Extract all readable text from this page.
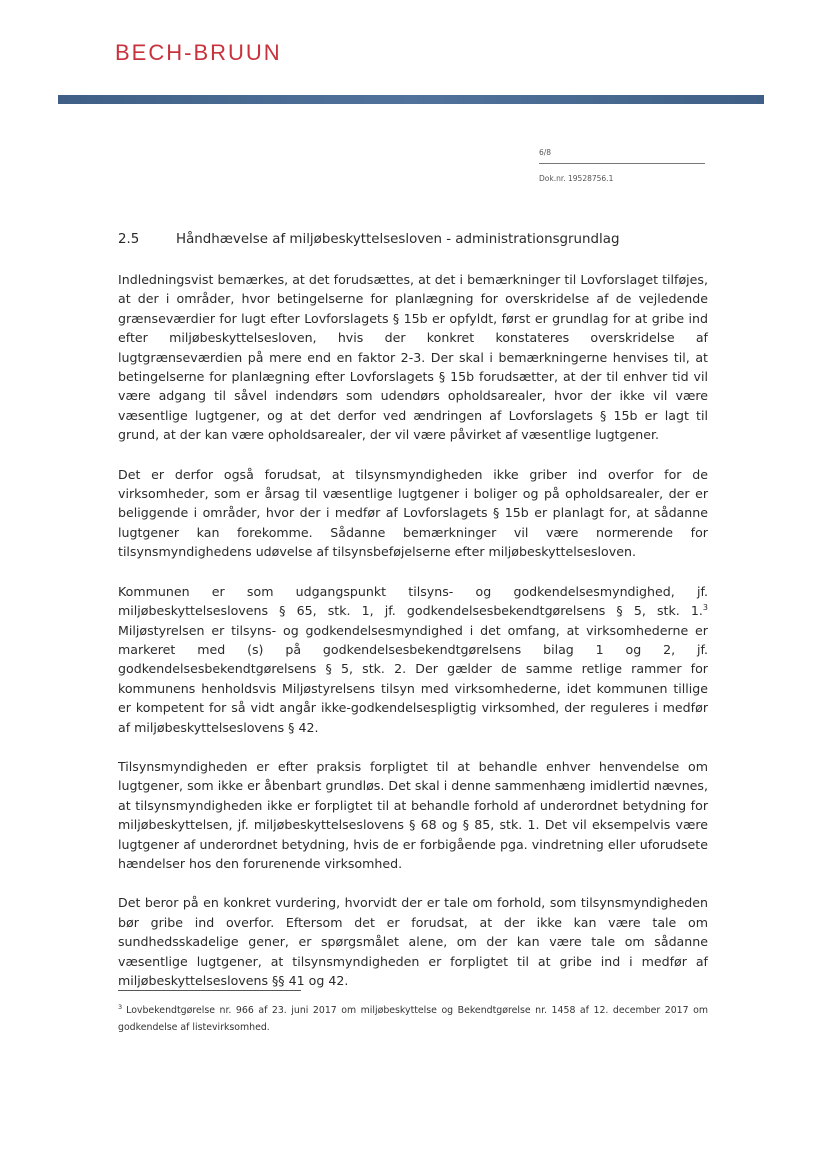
BECH-BRUUN
6/8
Dok.nr. 19528756.1
2.5	Håndhævelse af miljøbeskyttelsesloven - administrationsgrundlag

Indledningsvist bemærkes, at det forudsættes, at det i bemærkninger til Lovforslaget tilføjes, at der i områder, hvor betingelserne for planlægning for overskridelse af de vejledende grænseværdier for lugt efter Lovforslagets § 15b er opfyldt, først er grundlag for at gribe ind efter miljøbeskyttelsesloven, hvis der konkret konstateres overskridelse af lugtgrænseværdien på mere end en faktor 2-3. Der skal i bemærkningerne henvises til, at betingelserne for planlægning efter Lovforslagets § 15b forudsætter, at der til enhver tid vil være adgang til såvel indendørs som udendørs opholdsarealer, hvor der ikke vil være væsentlige lugtgener, og at det derfor ved ændringen af Lovforslagets § 15b er lagt til grund, at der kan være opholdsarealer, der vil være påvirket af væsentlige lugtgener.

Det er derfor også forudsat, at tilsynsmyndigheden ikke griber ind overfor for de virksomheder, som er årsag til væsentlige lugtgener i boliger og på opholdsarealer, der er beliggende i områder, hvor der i medfør af Lovforslagets § 15b er planlagt for, at sådanne lugtgener kan forekomme. Sådanne bemærkninger vil være normerende for tilsynsmyndighedens udøvelse af tilsynsbeføjelserne efter miljøbeskyttelsesloven.

Kommunen er som udgangspunkt tilsyns- og godkendelsesmyndighed, jf. miljøbeskyttelseslovens § 65, stk. 1, jf. godkendelsesbekendtgørelsens § 5, stk. 1.$^3$ Miljøstyrelsen er tilsyns- og godkendelsesmyndighed i det omfang, at virksomhederne er markeret med (s) på godkendelsesbekendtgørelsens bilag 1 og 2, jf. godkendelsesbekendtgørelsens § 5, stk. 2. Der gælder de samme retlige rammer for kommunens henholdsvis Miljøstyrelsens tilsyn med virksomhederne, idet kommunen tillige er kompetent for så vidt angår ikke-godkendelsespligtig virksomhed, der reguleres i medfør af miljøbeskyttelseslovens § 42.

Tilsynsmyndigheden er efter praksis forpligtet til at behandle enhver henvendelse om lugtgener, som ikke er åbenbart grundløs. Det skal i denne sammenhæng imidlertid nævnes, at tilsynsmyndigheden ikke er forpligtet til at behandle forhold af underordnet betydning for miljøbeskyttelsen, jf. miljøbeskyttelseslovens § 68 og § 85, stk. 1. Det vil eksempelvis være lugtgener af underordnet betydning, hvis de er forbigående pga. vindretning eller uforudsete hændelser hos den forurenende virksomhed.

Det beror på en konkret vurdering, hvorvidt der er tale om forhold, som tilsynsmyndigheden bør gribe ind overfor. Eftersom det er forudsat, at der ikke kan være tale om sundhedsskadelige gener, er spørgsmålet alene, om der kan være tale om sådanne væsentlige lugtgener, at tilsynsmyndigheden er forpligtet til at gribe ind i medfør af miljøbeskyttelseslovens §§ 41 og 42.

$^3$ Lovbekendtgørelse nr. 966 af 23. juni 2017 om miljøbeskyttelse og Bekendtgørelse nr. 1458 af 12. december 2017 om godkendelse af listevirksomhed.
